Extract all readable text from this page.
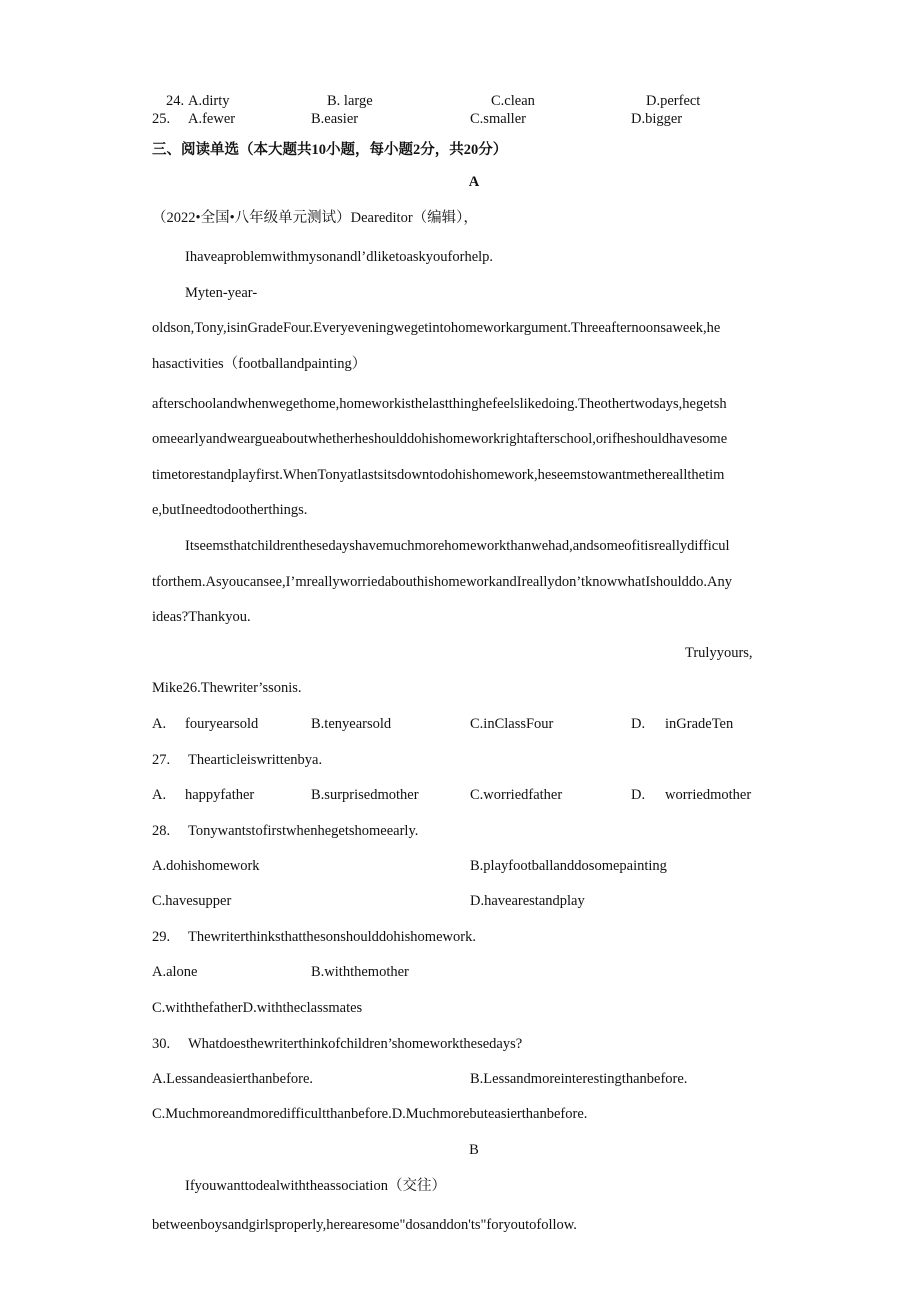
24. A.dirty	B. large	C.clean	D.perfect
25. A.fewer	B.easier	C.smaller	D.bigger
三、阅读单选（本大题共10小题，每小题2分，共20分）
A
（2022•全国•八年级单元测试）Deareditor（编辑），
Ihaveaproblemwithmysonandl’dliketoaskyouforhelp.
Myten-year-
oldson,Tony,isinGradeFour.Everyeveningwegetintohomeworkargument.Threeafternoonsaweek,he
hasactivities（footballandpainting）
afterschoolandwhenwegethome,homeworkisthelastthinghefeelslikedoing.Theothertwodays,hegetsh
omeearlyandweargueaboutwhetherheshoulddohishomeworkrightafterschool,orifheshouldhavesome
timetorestandplayfirst.WhenTonyatlastsitsdowntodohishomework,heseemstowantmethereallthetim
e,butIneedtodootherthings.
Itseemsthatchildrenthesedayshavemuchmorehomeworkthanwehad,andsomeofitisreallydifficul
tforthem.Asyoucansee,I’mreallyworriedabouthishomeworkandIreallydon’tknowwhatIshoulddo.Any
ideas?Thankyou.
Trulyyours,
Mike26.Thewriter’ssonis.
A. fouryearsold	B.tenyearsold	C.inClassFour	D. inGradeTen
27. Thearticleiswrittenbya.
A. happyfather	B.surprisedmother	C.worriedfather	D. worriedmother
28. Tonywantstofirstwhenhegetshomeearly.
A.dohishomework	B.playfootballanddosomepainting
C.havesupper	D.havearestandplay
29. Thewriterthinksthatthesonshoulddohishomework.
A.alone	B.withthemother
C.withthefatherD.withtheclassmates
30. Whatdoesthewriterthinkofchildren’shomeworkthesedays?
A.Lessandeasierthanbefore.	B.Lessandmoreinterestingthanbefore.
C.Muchmoreandmoredifficultthanbefore.D.Muchmorebuteasierthanbefore.
B
Ifyouwanttodealwiththeassociation（交往）
betweenboysandgirlsproperly,herearesome"dosanddon'ts"foryoutofollow.
